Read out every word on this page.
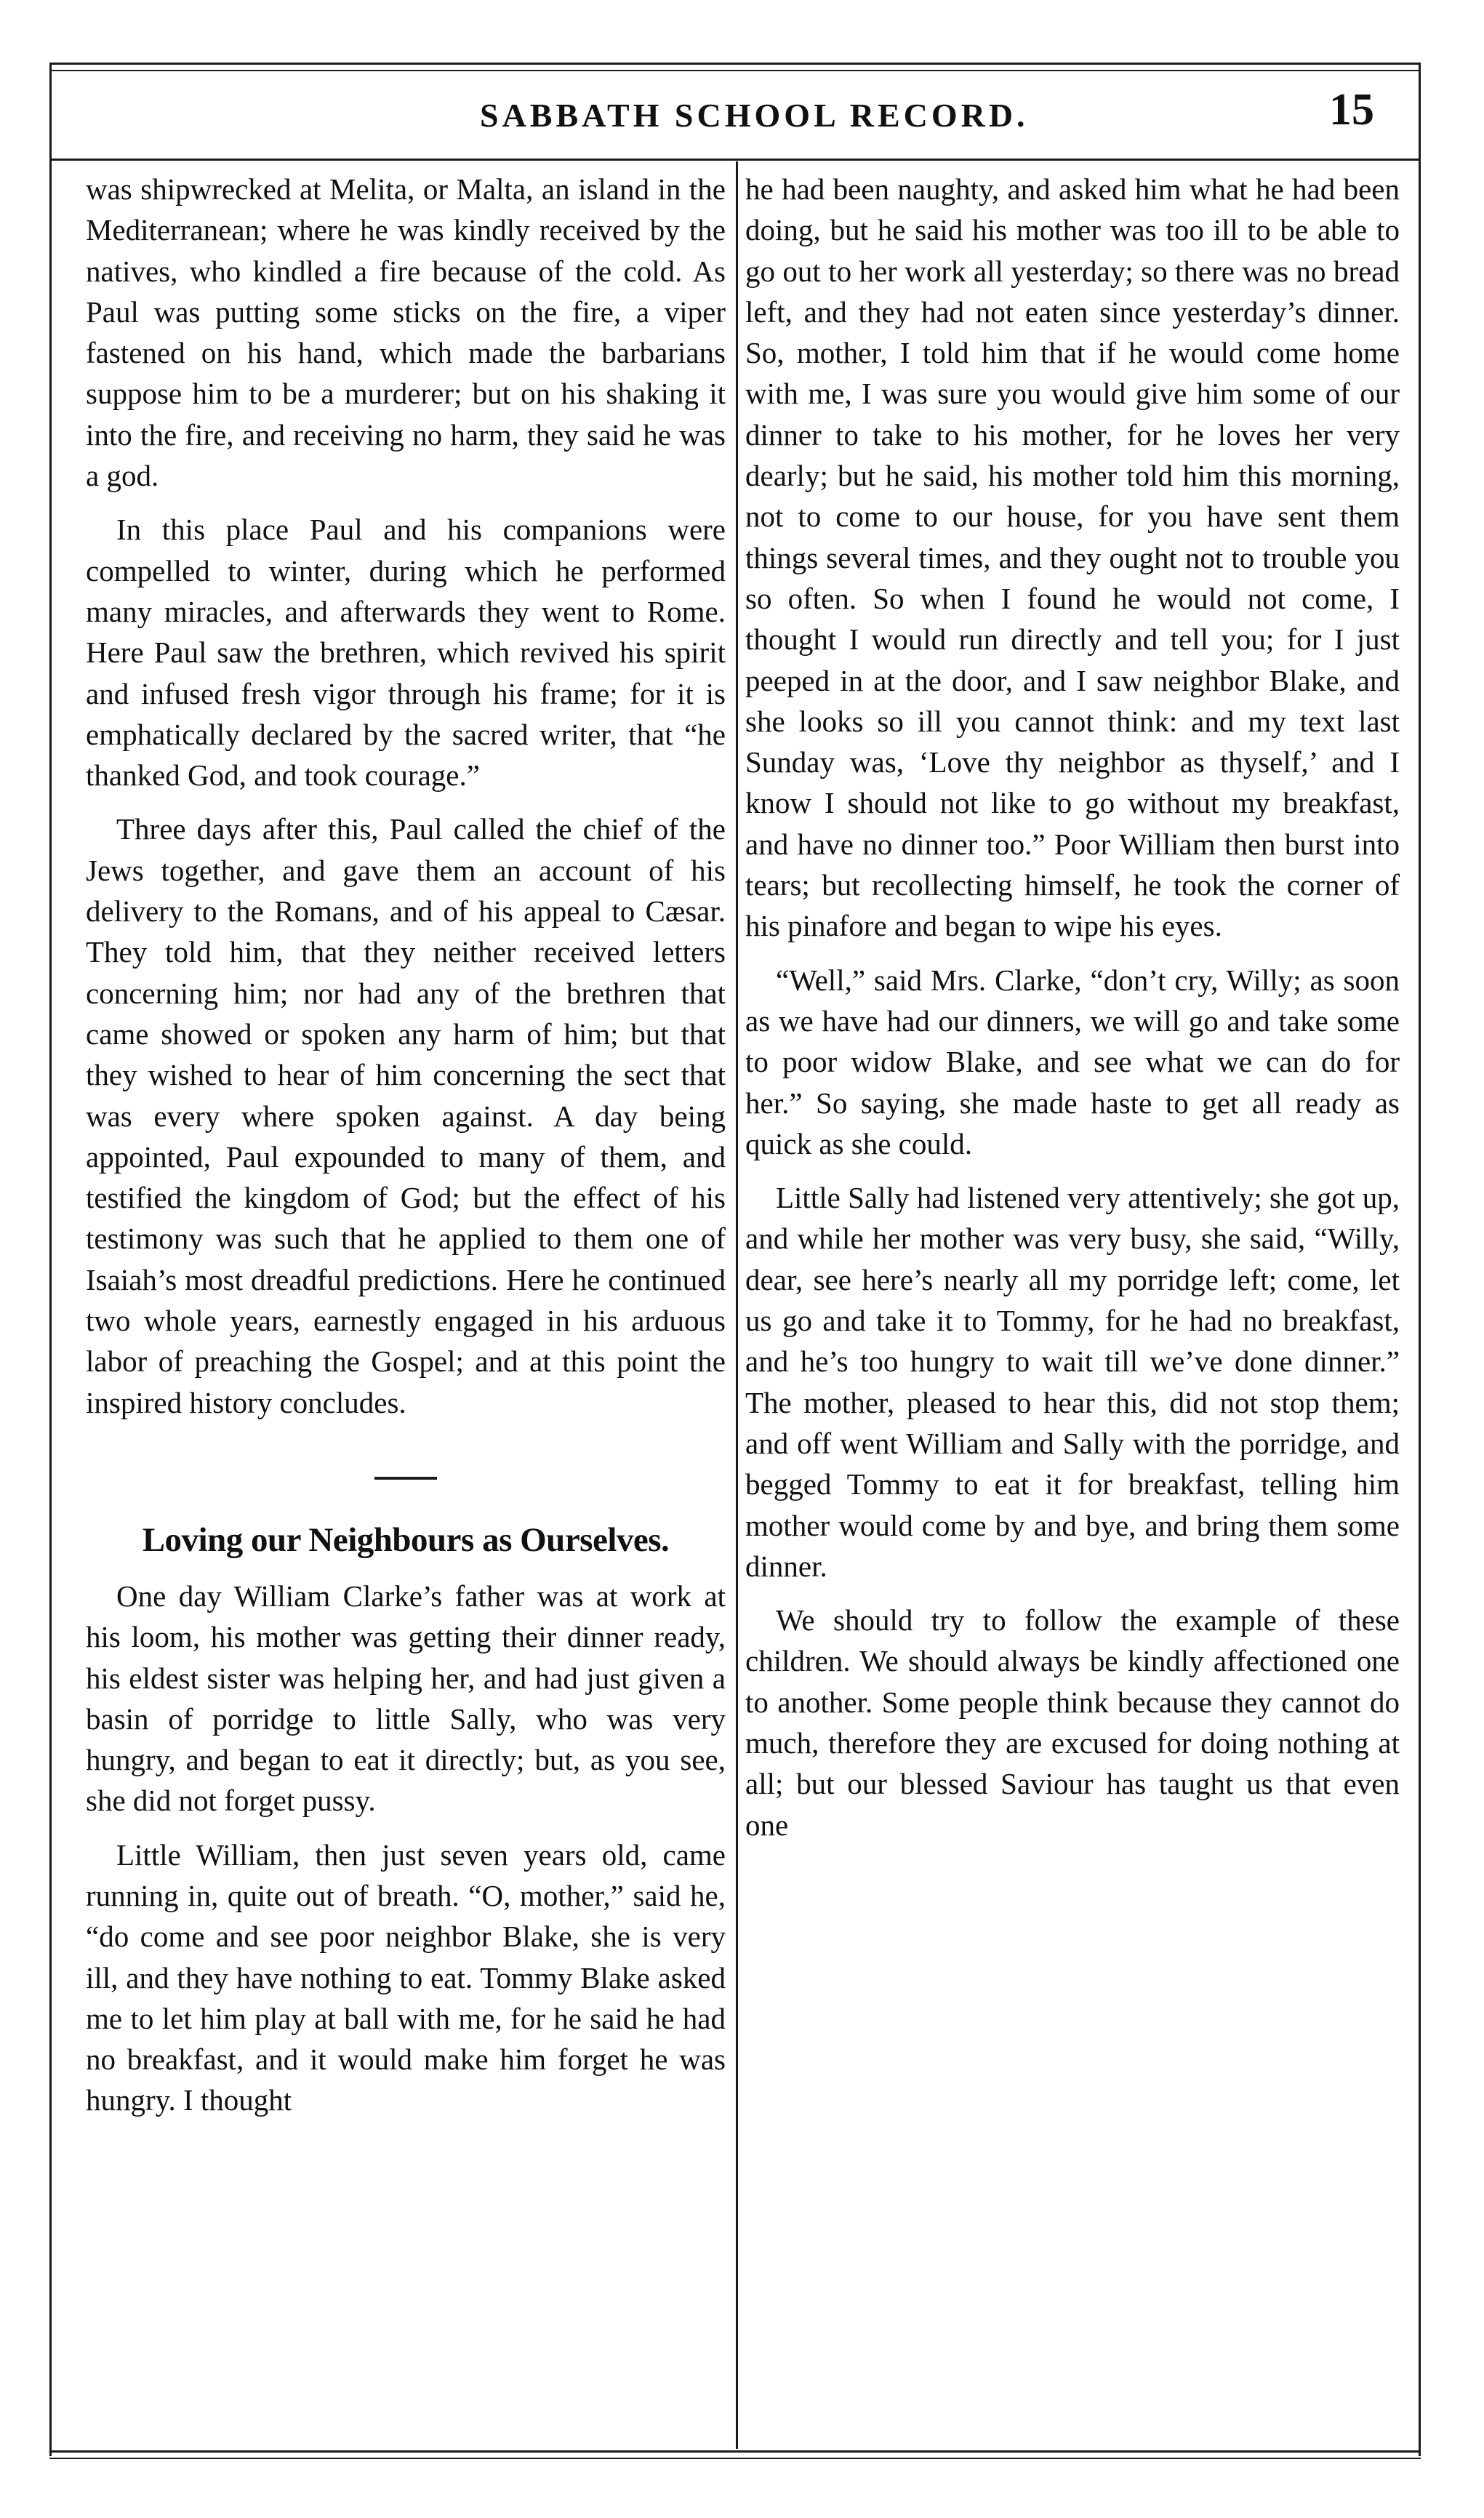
SABBATH SCHOOL RECORD.	15

was shipwrecked at Melita, or Malta, an island in the Mediterranean; where he was kindly received by the natives, who kindled a fire because of the cold. As Paul was putting some sticks on the fire, a viper fastened on his hand, which made the barbarians suppose him to be a murderer; but on his shaking it into the fire, and receiving no harm, they said he was a god.

In this place Paul and his companions were compelled to winter, during which he performed many miracles, and afterwards they went to Rome. Here Paul saw the brethren, which revived his spirit and infused fresh vigor through his frame; for it is emphatically declared by the sacred writer, that “he thanked God, and took courage.”

Three days after this, Paul called the chief of the Jews together, and gave them an account of his delivery to the Romans, and of his appeal to Cæsar. They told him, that they neither received letters concerning him; nor had any of the brethren that came showed or spoken any harm of him; but that they wished to hear of him concerning the sect that was every where spoken against. A day being appointed, Paul expounded to many of them, and testified the kingdom of God; but the effect of his testimony was such that he applied to them one of Isaiah’s most dreadful predictions. Here he continued two whole years, earnestly engaged in his arduous labor of preaching the Gospel; and at this point the inspired history concludes.

Loving our Neighbours as Ourselves.

One day William Clarke’s father was at work at his loom, his mother was getting their dinner ready, his eldest sister was helping her, and had just given a basin of porridge to little Sally, who was very hungry, and began to eat it directly; but, as you see, she did not forget pussy.

Little William, then just seven years old, came running in, quite out of breath. “O, mother,” said he, “do come and see poor neighbor Blake, she is very ill, and they have nothing to eat. Tommy Blake asked me to let him play at ball with me, for he said he had no breakfast, and it would make him forget he was hungry. I thought

he had been naughty, and asked him what he had been doing, but he said his mother was too ill to be able to go out to her work all yesterday; so there was no bread left, and they had not eaten since yesterday’s dinner. So, mother, I told him that if he would come home with me, I was sure you would give him some of our dinner to take to his mother, for he loves her very dearly; but he said, his mother told him this morning, not to come to our house, for you have sent them things several times, and they ought not to trouble you so often. So when I found he would not come, I thought I would run directly and tell you; for I just peeped in at the door, and I saw neighbor Blake, and she looks so ill you cannot think: and my text last Sunday was, ‘Love thy neighbor as thyself,’ and I know I should not like to go without my breakfast, and have no dinner too.” Poor William then burst into tears; but recollecting himself, he took the corner of his pinafore and began to wipe his eyes.

“Well,” said Mrs. Clarke, “don’t cry, Willy; as soon as we have had our dinners, we will go and take some to poor widow Blake, and see what we can do for her.” So saying, she made haste to get all ready as quick as she could.

Little Sally had listened very attentively; she got up, and while her mother was very busy, she said, “Willy, dear, see here’s nearly all my porridge left; come, let us go and take it to Tommy, for he had no breakfast, and he’s too hungry to wait till we’ve done dinner.” The mother, pleased to hear this, did not stop them; and off went William and Sally with the porridge, and begged Tommy to eat it for breakfast, telling him mother would come by and bye, and bring them some dinner.

We should try to follow the example of these children. We should always be kindly affectioned one to another. Some people think because they cannot do much, therefore they are excused for doing nothing at all; but our blessed Saviour has taught us that even one
